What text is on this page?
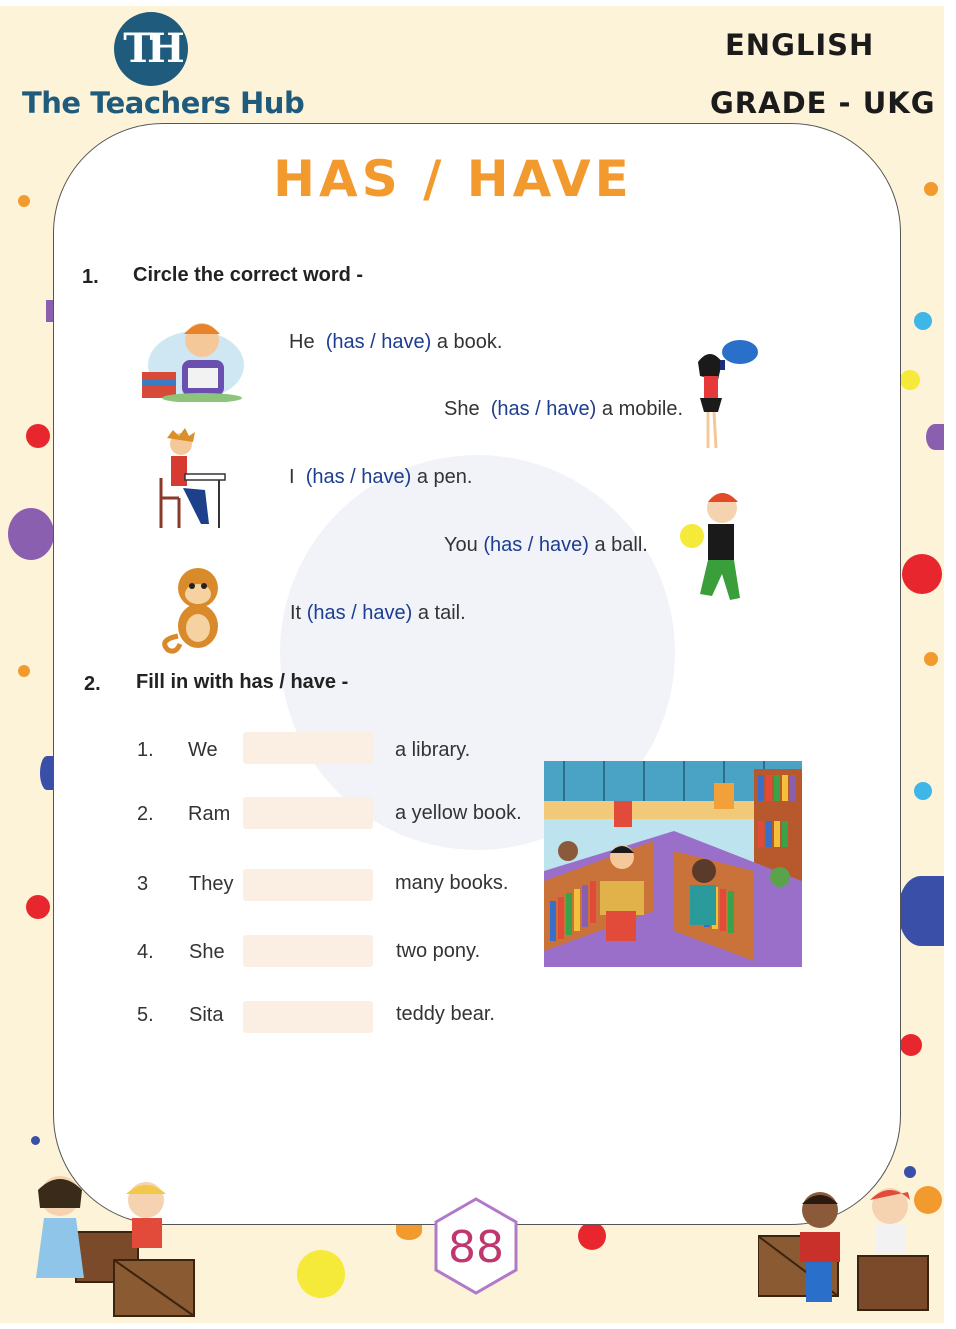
TH
The Teachers Hub
ENGLISH
GRADE - UKG
HAS / HAVE
1. Circle the correct word -
He (has / have) a book.
She (has / have) a mobile.
I (has / have) a pen.
You (has / have) a ball.
It (has / have) a tail.
2. Fill in with has / have -
1. We	a library.
2. Ram	a yellow book.
3 They	many books.
4. She	two pony.
5. Sita	teddy bear.
88
